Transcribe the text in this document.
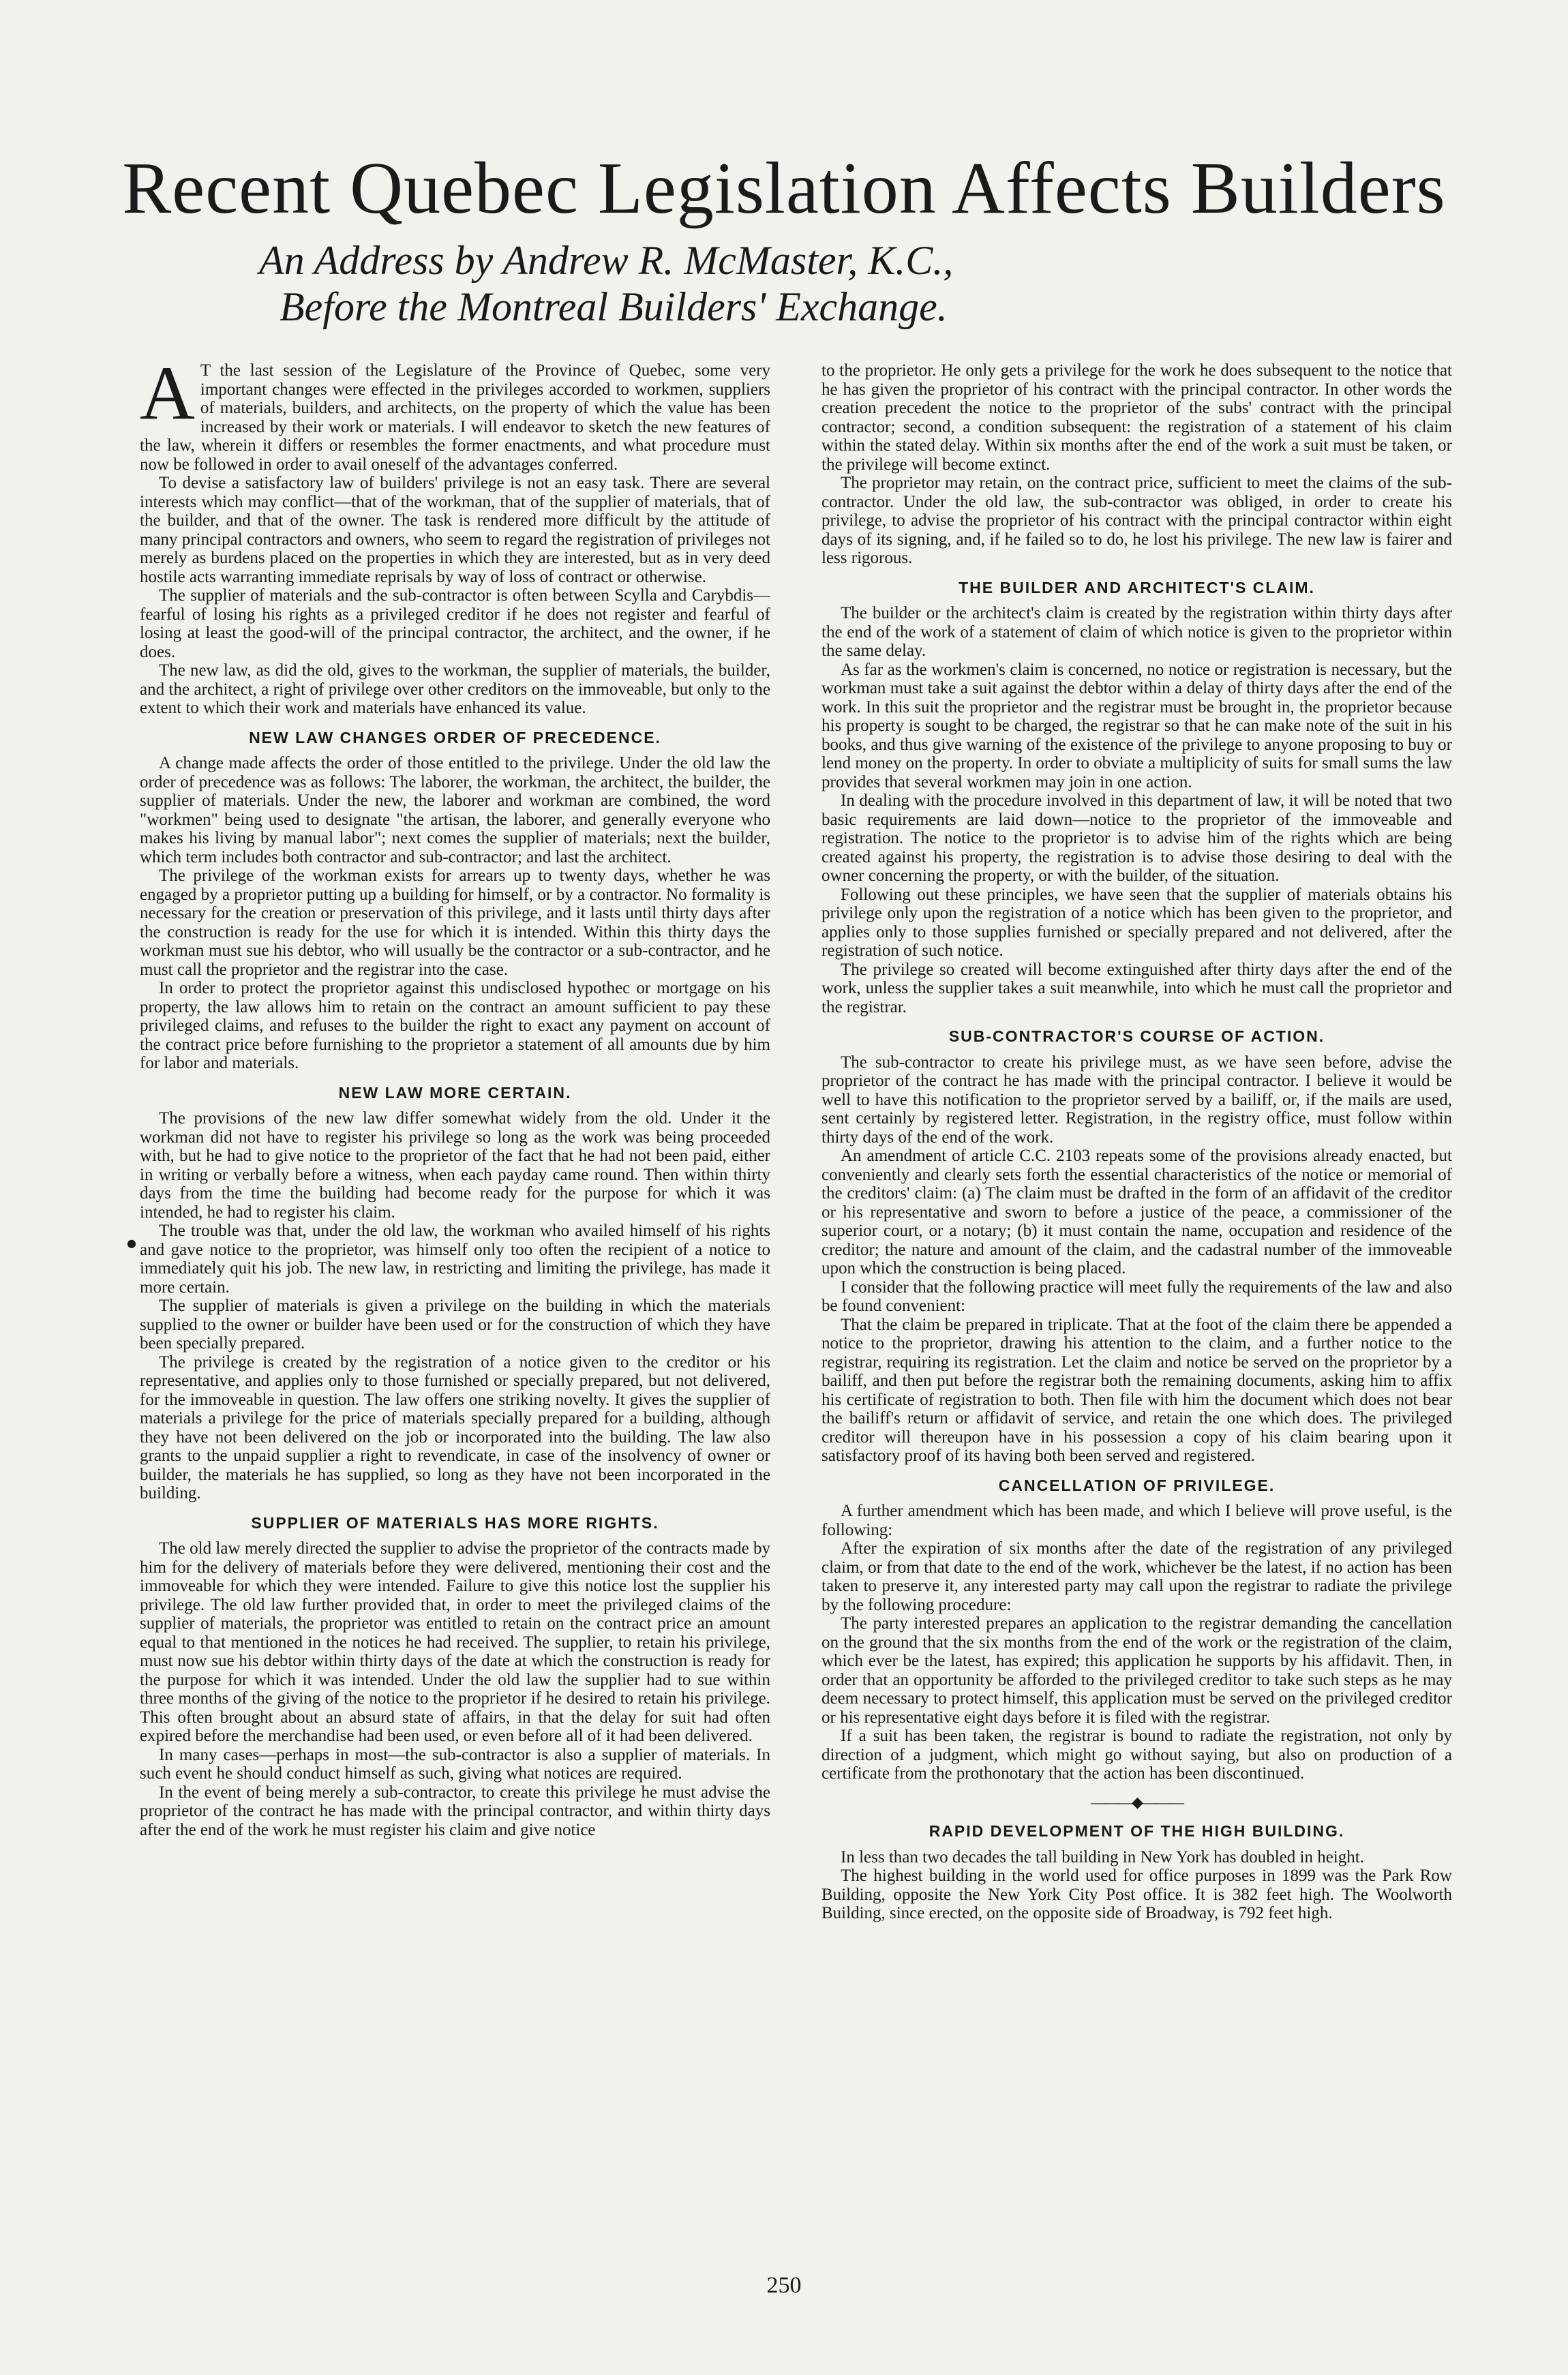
Recent Quebec Legislation Affects Builders
An Address by Andrew R. McMaster, K.C.,
Before the Montreal Builders' Exchange.
●

A T the last session of the Legislature of the Province of Quebec, some very important changes were effected in the privileges accorded to workmen, suppliers of materials, builders, and architects, on the property of which the value has been increased by their work or materials. I will endeavor to sketch the new features of the law, wherein it differs or resembles the former enactments, and what procedure must now be followed in order to avail oneself of the advantages conferred.

To devise a satisfactory law of builders' privilege is not an easy task. There are several interests which may conflict—that of the workman, that of the supplier of materials, that of the builder, and that of the owner. The task is rendered more difficult by the attitude of many principal contractors and owners, who seem to regard the registration of privileges not merely as burdens placed on the properties in which they are interested, but as in very deed hostile acts warranting immediate reprisals by way of loss of contract or otherwise.

The supplier of materials and the sub-contractor is often between Scylla and Carybdis—fearful of losing his rights as a privileged creditor if he does not register and fearful of losing at least the good-will of the principal contractor, the architect, and the owner, if he does.

The new law, as did the old, gives to the workman, the supplier of materials, the builder, and the architect, a right of privilege over other creditors on the immoveable, but only to the extent to which their work and materials have enhanced its value.

NEW LAW CHANGES ORDER OF PRECEDENCE.

A change made affects the order of those entitled to the privilege. Under the old law the order of precedence was as follows: The laborer, the workman, the architect, the builder, the supplier of materials. Under the new, the laborer and workman are combined, the word "workmen" being used to designate "the artisan, the laborer, and generally everyone who makes his living by manual labor"; next comes the supplier of materials; next the builder, which term includes both contractor and sub-contractor; and last the architect.

The privilege of the workman exists for arrears up to twenty days, whether he was engaged by a proprietor putting up a building for himself, or by a contractor. No formality is necessary for the creation or preservation of this privilege, and it lasts until thirty days after the construction is ready for the use for which it is intended. Within this thirty days the workman must sue his debtor, who will usually be the contractor or a sub-contractor, and he must call the proprietor and the registrar into the case.

In order to protect the proprietor against this undisclosed hypothec or mortgage on his property, the law allows him to retain on the contract an amount sufficient to pay these privileged claims, and refuses to the builder the right to exact any payment on account of the contract price before furnishing to the proprietor a statement of all amounts due by him for labor and materials.

NEW LAW MORE CERTAIN.

The provisions of the new law differ somewhat widely from the old. Under it the workman did not have to register his privilege so long as the work was being proceeded with, but he had to give notice to the proprietor of the fact that he had not been paid, either in writing or verbally before a witness, when each payday came round. Then within thirty days from the time the building had become ready for the purpose for which it was intended, he had to register his claim.

The trouble was that, under the old law, the workman who availed himself of his rights and gave notice to the proprietor, was himself only too often the recipient of a notice to immediately quit his job. The new law, in restricting and limiting the privilege, has made it more certain.

The supplier of materials is given a privilege on the building in which the materials supplied to the owner or builder have been used or for the construction of which they have been specially prepared.

The privilege is created by the registration of a notice given to the creditor or his representative, and applies only to those furnished or specially prepared, but not delivered, for the immoveable in question. The law offers one striking novelty. It gives the supplier of materials a privilege for the price of materials specially prepared for a building, although they have not been delivered on the job or incorporated into the building. The law also grants to the unpaid supplier a right to revendicate, in case of the insolvency of owner or builder, the materials he has supplied, so long as they have not been incorporated in the building.

SUPPLIER OF MATERIALS HAS MORE RIGHTS.

The old law merely directed the supplier to advise the proprietor of the contracts made by him for the delivery of materials before they were delivered, mentioning their cost and the immoveable for which they were intended. Failure to give this notice lost the supplier his privilege. The old law further provided that, in order to meet the privileged claims of the supplier of materials, the proprietor was entitled to retain on the contract price an amount equal to that mentioned in the notices he had received. The supplier, to retain his privilege, must now sue his debtor within thirty days of the date at which the construction is ready for the purpose for which it was intended. Under the old law the supplier had to sue within three months of the giving of the notice to the proprietor if he desired to retain his privilege. This often brought about an absurd state of affairs, in that the delay for suit had often expired before the merchandise had been used, or even before all of it had been delivered.

In many cases—perhaps in most—the sub-contractor is also a supplier of materials. In such event he should conduct himself as such, giving what notices are required.

In the event of being merely a sub-contractor, to create this privilege he must advise the proprietor of the contract he has made with the principal contractor, and within thirty days after the end of the work he must register his claim and give notice

to the proprietor. He only gets a privilege for the work he does subsequent to the notice that he has given the proprietor of his contract with the principal contractor. In other words the creation precedent the notice to the proprietor of the subs' contract with the principal contractor; second, a condition subsequent: the registration of a statement of his claim within the stated delay. Within six months after the end of the work a suit must be taken, or the privilege will become extinct.

The proprietor may retain, on the contract price, sufficient to meet the claims of the sub-contractor. Under the old law, the sub-contractor was obliged, in order to create his privilege, to advise the proprietor of his contract with the principal contractor within eight days of its signing, and, if he failed so to do, he lost his privilege. The new law is fairer and less rigorous.

THE BUILDER AND ARCHITECT'S CLAIM.

The builder or the architect's claim is created by the registration within thirty days after the end of the work of a statement of claim of which notice is given to the proprietor within the same delay.

As far as the workmen's claim is concerned, no notice or registration is necessary, but the workman must take a suit against the debtor within a delay of thirty days after the end of the work. In this suit the proprietor and the registrar must be brought in, the proprietor because his property is sought to be charged, the registrar so that he can make note of the suit in his books, and thus give warning of the existence of the privilege to anyone proposing to buy or lend money on the property. In order to obviate a multiplicity of suits for small sums the law provides that several workmen may join in one action.

In dealing with the procedure involved in this department of law, it will be noted that two basic requirements are laid down—notice to the proprietor of the immoveable and registration. The notice to the proprietor is to advise him of the rights which are being created against his property, the registration is to advise those desiring to deal with the owner concerning the property, or with the builder, of the situation.

Following out these principles, we have seen that the supplier of materials obtains his privilege only upon the registration of a notice which has been given to the proprietor, and applies only to those supplies furnished or specially prepared and not delivered, after the registration of such notice.

The privilege so created will become extinguished after thirty days after the end of the work, unless the supplier takes a suit meanwhile, into which he must call the proprietor and the registrar.

SUB-CONTRACTOR'S COURSE OF ACTION.

The sub-contractor to create his privilege must, as we have seen before, advise the proprietor of the contract he has made with the principal contractor. I believe it would be well to have this notification to the proprietor served by a bailiff, or, if the mails are used, sent certainly by registered letter. Registration, in the registry office, must follow within thirty days of the end of the work.

An amendment of article C.C. 2103 repeats some of the provisions already enacted, but conveniently and clearly sets forth the essential characteristics of the notice or memorial of the creditors' claim: (a) The claim must be drafted in the form of an affidavit of the creditor or his representative and sworn to before a justice of the peace, a commissioner of the superior court, or a notary; (b) it must contain the name, occupation and residence of the creditor; the nature and amount of the claim, and the cadastral number of the immoveable upon which the construction is being placed.

I consider that the following practice will meet fully the requirements of the law and also be found convenient:

That the claim be prepared in triplicate. That at the foot of the claim there be appended a notice to the proprietor, drawing his attention to the claim, and a further notice to the registrar, requiring its registration. Let the claim and notice be served on the proprietor by a bailiff, and then put before the registrar both the remaining documents, asking him to affix his certificate of registration to both. Then file with him the document which does not bear the bailiff's return or affidavit of service, and retain the one which does. The privileged creditor will thereupon have in his possession a copy of his claim bearing upon it satisfactory proof of its having both been served and registered.

CANCELLATION OF PRIVILEGE.

A further amendment which has been made, and which I believe will prove useful, is the following:

After the expiration of six months after the date of the registration of any privileged claim, or from that date to the end of the work, whichever be the latest, if no action has been taken to preserve it, any interested party may call upon the registrar to radiate the privilege by the following procedure:

The party interested prepares an application to the registrar demanding the cancellation on the ground that the six months from the end of the work or the registration of the claim, which ever be the latest, has expired; this application he supports by his affidavit. Then, in order that an opportunity be afforded to the privileged creditor to take such steps as he may deem necessary to protect himself, this application must be served on the privileged creditor or his representative eight days before it is filed with the registrar.

If a suit has been taken, the registrar is bound to radiate the registration, not only by direction of a judgment, which might go without saying, but also on production of a certificate from the prothonotary that the action has been discontinued.

———◆———
RAPID DEVELOPMENT OF THE HIGH BUILDING.

In less than two decades the tall building in New York has doubled in height.

The highest building in the world used for office purposes in 1899 was the Park Row Building, opposite the New York City Post office. It is 382 feet high. The Woolworth Building, since erected, on the opposite side of Broadway, is 792 feet high.

250
